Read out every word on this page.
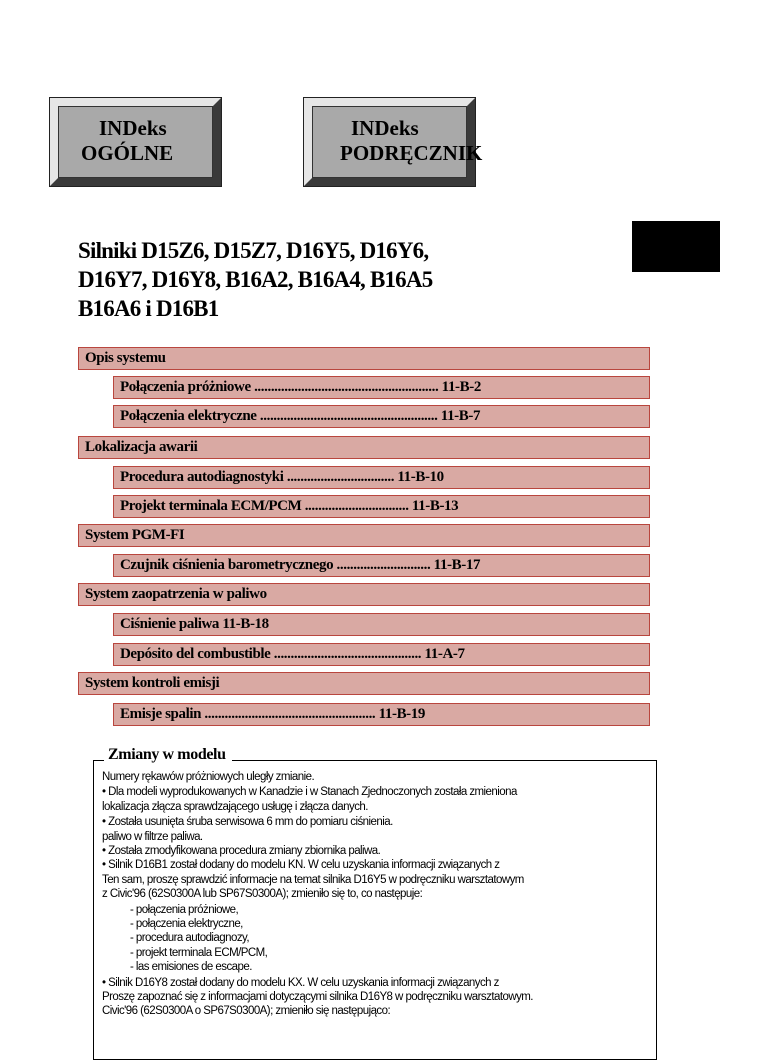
INDeks
OGÓLNE
INDeks
PODRĘCZNIK
Silniki D15Z6, D15Z7, D16Y5, D16Y6,
D16Y7, D16Y8, B16A2, B16A4, B16A5
B16A6 i D16B1
Opis systemu
Połączenia próżniowe ....................................................... 11-B-2
Połączenia elektryczne ..................................................... 11-B-7
Lokalizacja awarii
Procedura autodiagnostyki ................................ 11-B-10
Projekt terminala ECM/PCM ............................... 11-B-13
System PGM-FI
Czujnik ciśnienia barometrycznego ............................ 11-B-17
System zaopatrzenia w paliwo
Ciśnienie paliwa 11-B-18
Depósito del combustible ............................................ 11-A-7
System kontroli emisji
Emisje spalin ................................................... 11-B-19
Zmiany w modelu
Numery rękawów próżniowych uległy zmianie.
• Dla modeli wyprodukowanych w Kanadzie i w Stanach Zjednoczonych została zmieniona
lokalizacja złącza sprawdzającego usługę i złącza danych.
• Została usunięta śruba serwisowa 6 mm do pomiaru ciśnienia.
paliwo w filtrze paliwa.
• Została zmodyfikowana procedura zmiany zbiornika paliwa.
• Silnik D16B1 został dodany do modelu KN. W celu uzyskania informacji związanych z
Ten sam, proszę sprawdzić informacje na temat silnika D16Y5 w podręczniku warsztatowym
z Civic'96 (62S0300A lub SP67S0300A); zmieniło się to, co następuje:
- połączenia próżniowe,
- połączenia elektryczne,
- procedura autodiagnozy,
- projekt terminala ECM/PCM,
- las emisiones de escape.
• Silnik D16Y8 został dodany do modelu KX. W celu uzyskania informacji związanych z
Proszę zapoznać się z informacjami dotyczącymi silnika D16Y8 w podręczniku warsztatowym.
Civic'96 (62S0300A o SP67S0300A); zmieniło się następująco:
